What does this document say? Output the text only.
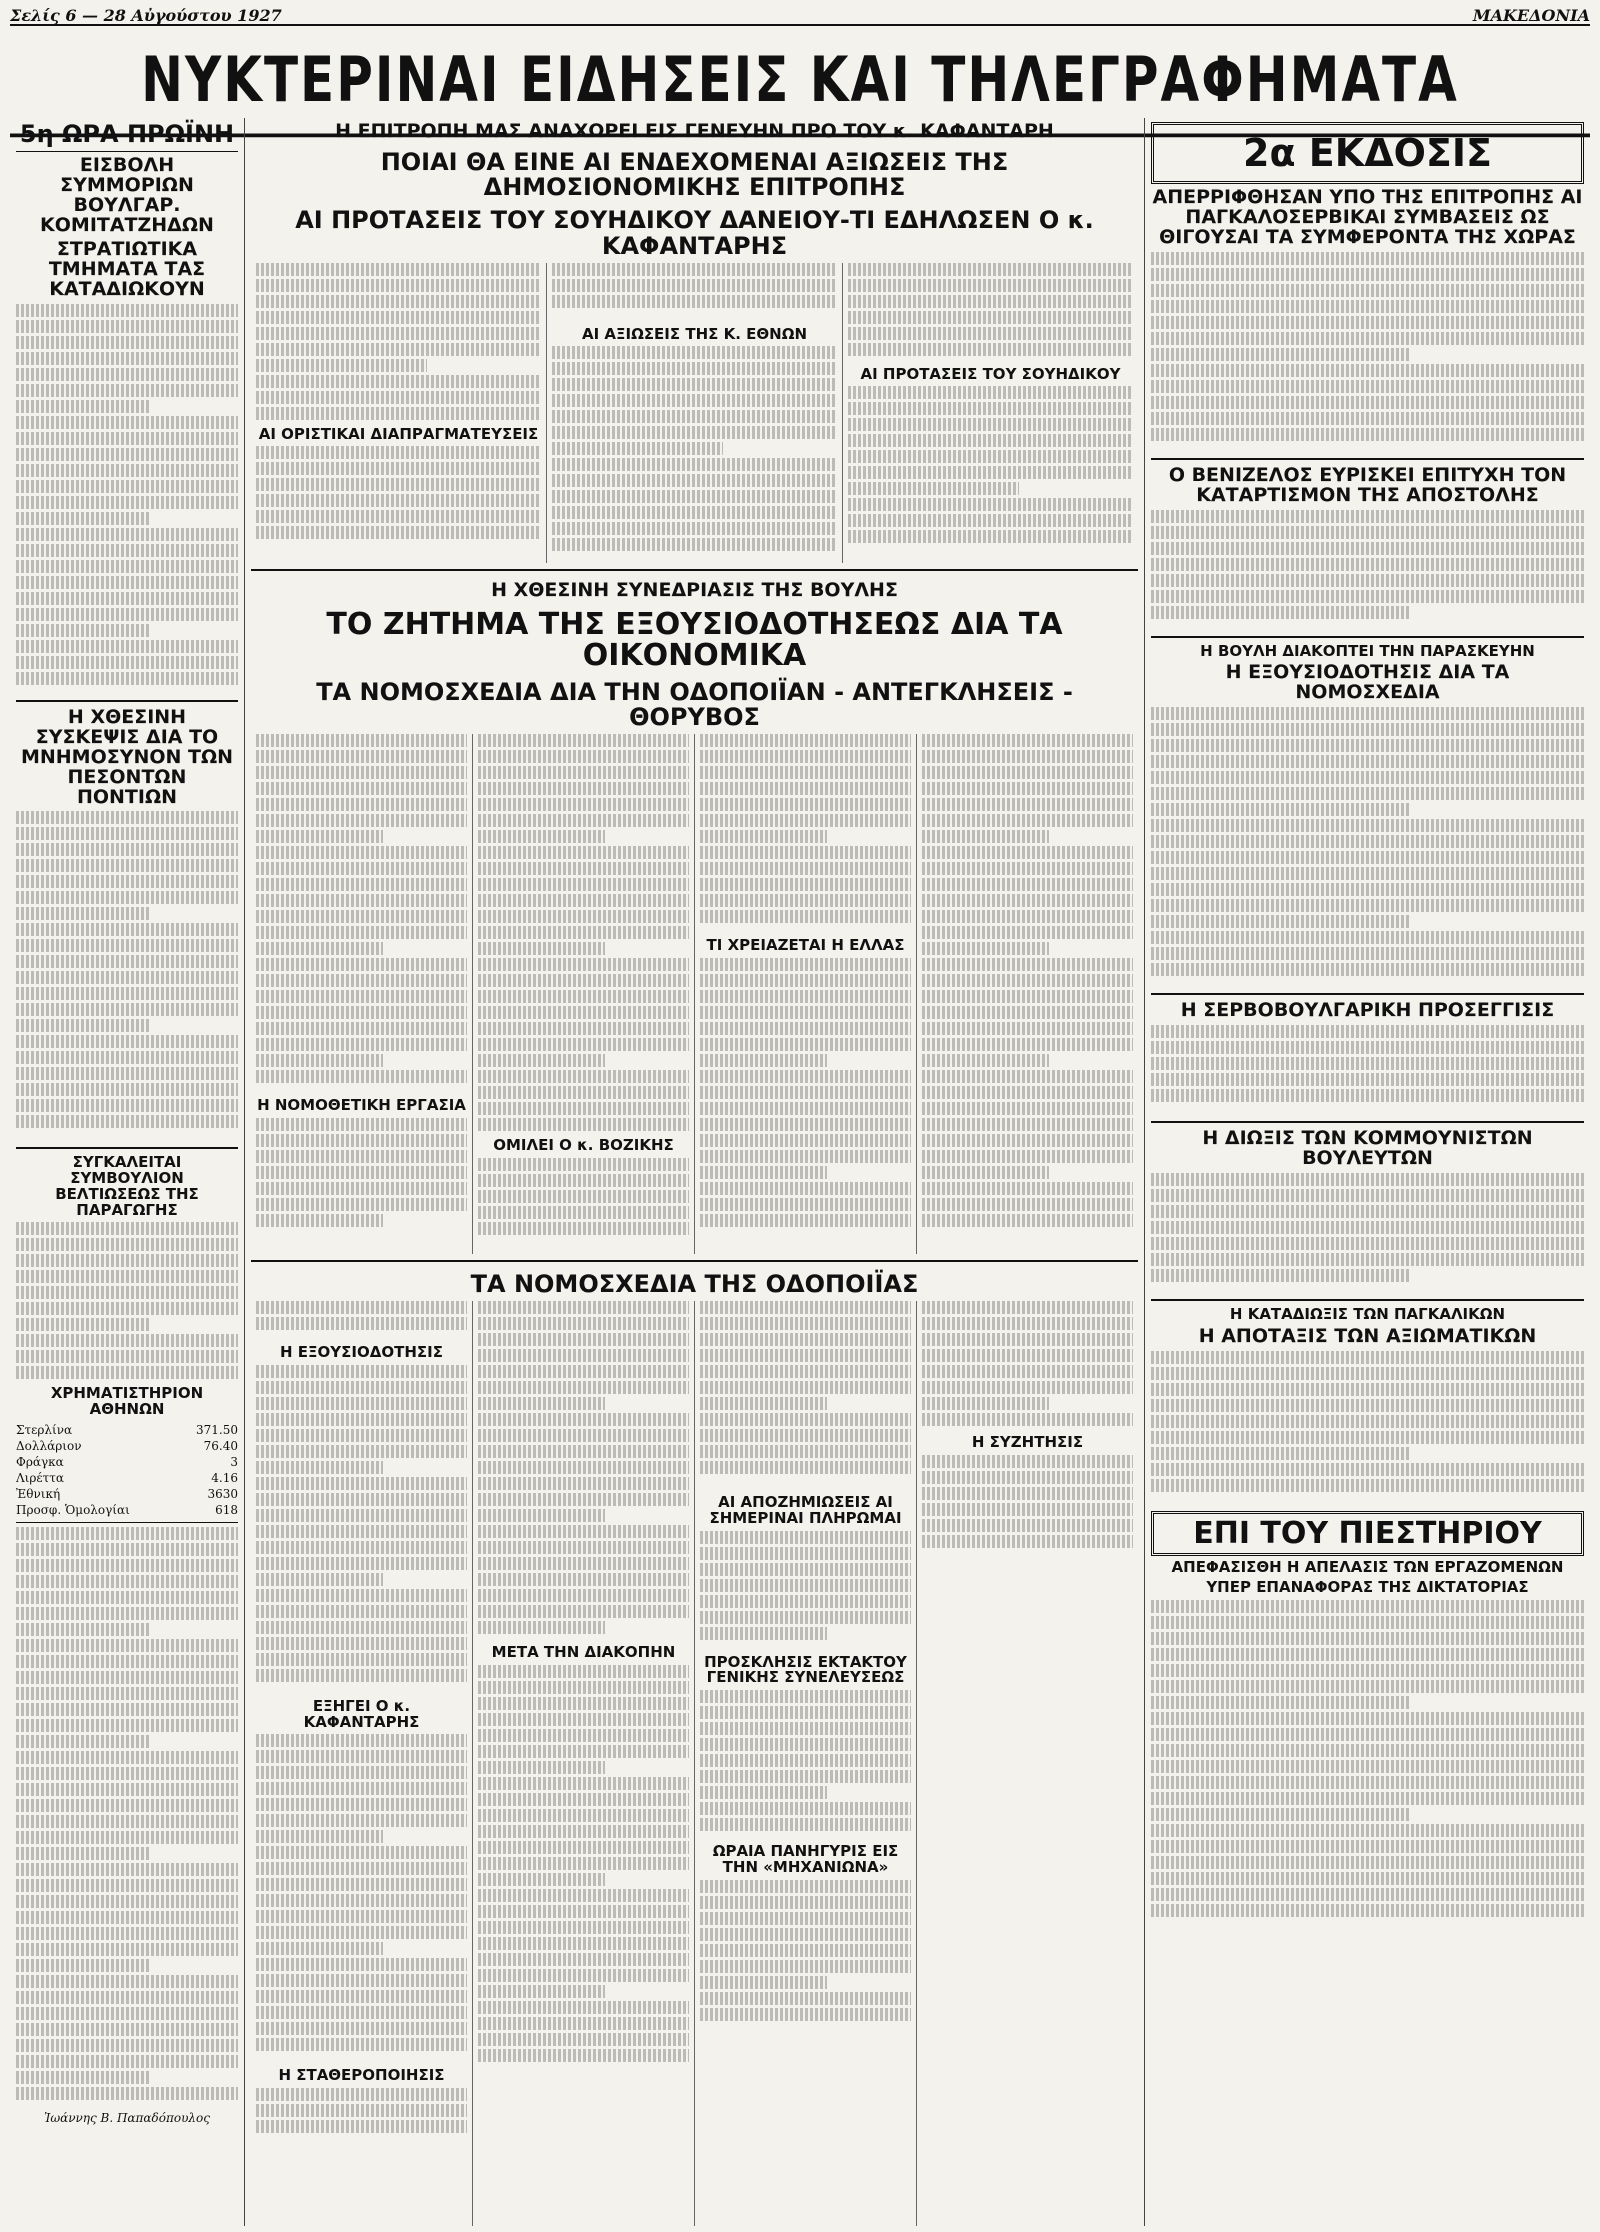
Σελίς 6 — 28 Αὐγούστου 1927	ΜΑΚΕΔΟΝΙΑ
ΝΥΚΤΕΡΙΝΑΙ ΕΙΔΗΣΕΙΣ ΚΑΙ ΤΗΛΕΓΡΑΦΗΜΑΤΑ
5η ΩΡΑ ΠΡΩΪΝΗ
ΕΙΣΒΟΛΗ ΣΥΜΜΟΡΙΩΝ ΒΟΥΛΓΑΡ. ΚΟΜΙΤΑΤΖΗΔΩΝ
ΣΤΡΑΤΙΩΤΙΚΑ ΤΜΗΜΑΤΑ ΤΑΣ ΚΑΤΑΔΙΩΚΟΥΝ
Η ΧΘΕΣΙΝΗ ΣΥΣΚΕΨΙΣ ΔΙΑ ΤΟ ΜΝΗΜΟΣΥΝΟΝ ΤΩΝ ΠΕΣΟΝΤΩΝ ΠΟΝΤΙΩΝ
ΣΥΓΚΑΛΕΙΤΑΙ ΣΥΜΒΟΥΛΙΟΝ ΒΕΛΤΙΩΣΕΩΣ ΤΗΣ ΠΑΡΑΓΩΓΗΣ
ΧΡΗΜΑΤΙΣΤΗΡΙΟΝ ΑΘΗΝΩΝ
Στερλίνα	371.50
Δολλάριον	76.40
Φράγκα	3
Λιρέττα	4.16
Ἐθνική	3630
Προσφ. Ὁμολογίαι	618
Ἰωάννης Β. Παπαδόπουλος
Η ΕΠΙΤΡΟΠΗ ΜΑΣ ΑΝΑΧΩΡΕΙ ΕΙΣ ΓΕΝΕΥΗΝ ΠΡΟ ΤΟΥ κ. ΚΑΦΑΝΤΑΡΗ
ΠΟΙΑΙ ΘΑ ΕΙΝΕ ΑΙ ΕΝΔΕΧΟΜΕΝΑΙ ΑΞΙΩΣΕΙΣ ΤΗΣ ΔΗΜΟΣΙΟΝΟΜΙΚΗΣ ΕΠΙΤΡΟΠΗΣ
ΑΙ ΠΡΟΤΑΣΕΙΣ ΤΟΥ ΣΟΥΗΔΙΚΟΥ ΔΑΝΕΙΟΥ-ΤΙ ΕΔΗΛΩΣΕΝ Ο κ. ΚΑΦΑΝΤΑΡΗΣ
ΑΙ ΟΡΙΣΤΙΚΑΙ ΔΙΑΠΡΑΓΜΑΤΕΥΣΕΙΣ
ΑΙ ΑΞΙΩΣΕΙΣ ΤΗΣ Κ. ΕΘΝΩΝ
ΑΙ ΠΡΟΤΑΣΕΙΣ ΤΟΥ ΣΟΥΗΔΙΚΟΥ
Η ΧΘΕΣΙΝΗ ΣΥΝΕΔΡΙΑΣΙΣ ΤΗΣ ΒΟΥΛΗΣ
ΤΟ ΖΗΤΗΜΑ ΤΗΣ ΕΞΟΥΣΙΟΔΟΤΗΣΕΩΣ ΔΙΑ ΤΑ ΟΙΚΟΝΟΜΙΚΑ
ΤΑ ΝΟΜΟΣΧΕΔΙΑ ΔΙΑ ΤΗΝ ΟΔΟΠΟΙΪΑΝ - ΑΝΤΕΓΚΛΗΣΕΙΣ - ΘΟΡΥΒΟΣ
Η ΝΟΜΟΘΕΤΙΚΗ ΕΡΓΑΣΙΑ
ΟΜΙΛΕΙ Ο κ. ΒΟΖΙΚΗΣ
ΤΙ ΧΡΕΙΑΖΕΤΑΙ Η ΕΛΛΑΣ
ΤΑ ΝΟΜΟΣΧΕΔΙΑ ΤΗΣ ΟΔΟΠΟΙΪΑΣ
Η ΕΞΟΥΣΙΟΔΟΤΗΣΙΣ
ΕΞΗΓΕΙ Ο κ. ΚΑΦΑΝΤΑΡΗΣ
Η ΣΤΑΘΕΡΟΠΟΙΗΣΙΣ
ΜΕΤΑ ΤΗΝ ΔΙΑΚΟΠΗΝ
ΑΙ ΑΠΟΖΗΜΙΩΣΕΙΣ ΑΙ ΣΗΜΕΡΙΝΑΙ ΠΛΗΡΩΜΑΙ
ΠΡΟΣΚΛΗΣΙΣ ΕΚΤΑΚΤΟΥ ΓΕΝΙΚΗΣ ΣΥΝΕΛΕΥΣΕΩΣ
ΩΡΑΙΑ ΠΑΝΗΓΥΡΙΣ ΕΙΣ ΤΗΝ «ΜΗΧΑΝΙΩΝΑ»
Η ΣΥΖΗΤΗΣΙΣ
2α ΕΚΔΟΣΙΣ
ΑΠΕΡΡΙΦΘΗΣΑΝ ΥΠΟ ΤΗΣ ΕΠΙΤΡΟΠΗΣ ΑΙ ΠΑΓΚΑΛΟΣΕΡΒΙΚΑΙ ΣΥΜΒΑΣΕΙΣ ΩΣ ΘΙΓΟΥΣΑΙ ΤΑ ΣΥΜΦΕΡΟΝΤΑ ΤΗΣ ΧΩΡΑΣ
Ο ΒΕΝΙΖΕΛΟΣ ΕΥΡΙΣΚΕΙ ΕΠΙΤΥΧΗ ΤΟΝ ΚΑΤΑΡΤΙΣΜΟΝ ΤΗΣ ΑΠΟΣΤΟΛΗΣ
Η ΒΟΥΛΗ ΔΙΑΚΟΠΤΕΙ ΤΗΝ ΠΑΡΑΣΚΕΥΗΝ
Η ΕΞΟΥΣΙΟΔΟΤΗΣΙΣ ΔΙΑ ΤΑ ΝΟΜΟΣΧΕΔΙΑ
Η ΣΕΡΒΟΒΟΥΛΓΑΡΙΚΗ ΠΡΟΣΕΓΓΙΣΙΣ
Η ΔΙΩΞΙΣ ΤΩΝ ΚΟΜΜΟΥΝΙΣΤΩΝ ΒΟΥΛΕΥΤΩΝ
Η ΚΑΤΑΔΙΩΞΙΣ ΤΩΝ ΠΑΓΚΑΛΙΚΩΝ
Η ΑΠΟΤΑΞΙΣ ΤΩΝ ΑΞΙΩΜΑΤΙΚΩΝ
ΕΠΙ ΤΟΥ ΠΙΕΣΤΗΡΙΟΥ
ΑΠΕΦΑΣΙΣΘΗ Η ΑΠΕΛΑΣΙΣ ΤΩΝ ΕΡΓΑΖΟΜΕΝΩΝ
ΥΠΕΡ ΕΠΑΝΑΦΟΡΑΣ ΤΗΣ ΔΙΚΤΑΤΟΡΙΑΣ
